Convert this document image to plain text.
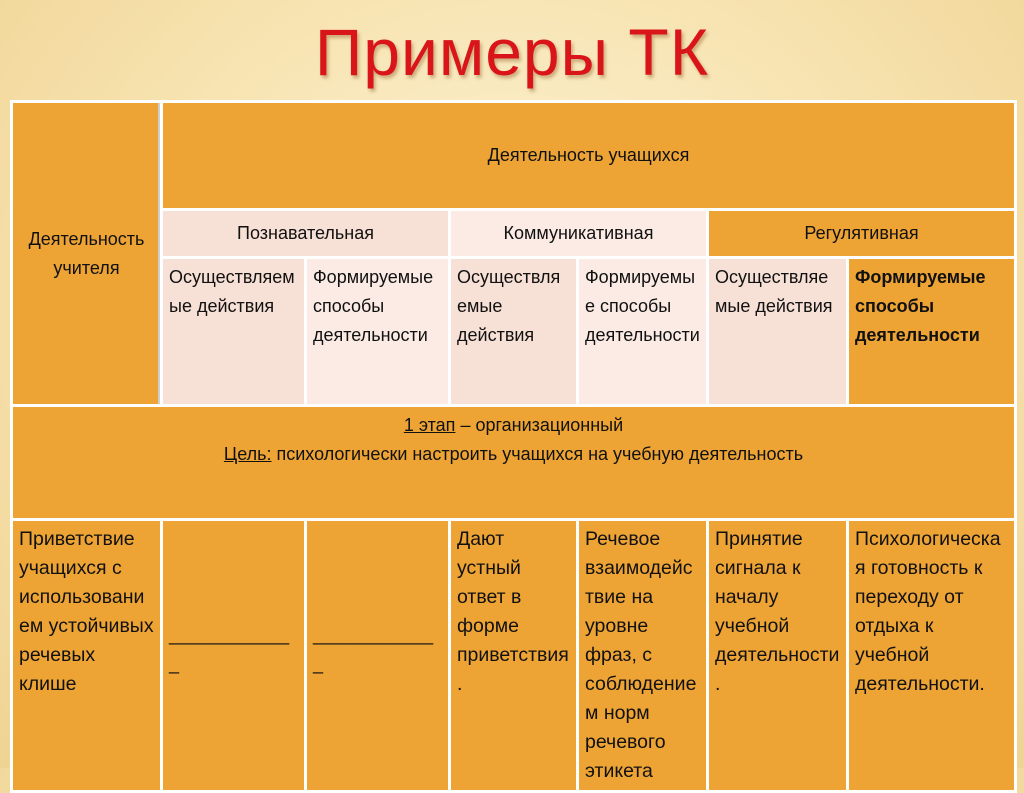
Примеры ТК
Деятельность учителя	Деятельность учащихся					
	Познавательная		Коммуникативная		Регулятивная	
	Осуществляемые действия	Формируемые способы деятельности	Осуществляемые действия	Формируемые способы деятельности	Осуществляемые действия	Формируемые способы деятельности

1 этап – организационный
Цель: психологически настроить учащихся на учебную деятельность						

Приветствие учащихся с использованием устойчивых речевых клише	_____________	_____________	Дают устный ответ в форме приветствия.	Речевое взаимодействие на уровне фраз, с соблюдением норм речевого этикета	Принятие сигнала к началу учебной деятельности.	Психологическая готовность к переходу от отдыха к учебной деятельности.
